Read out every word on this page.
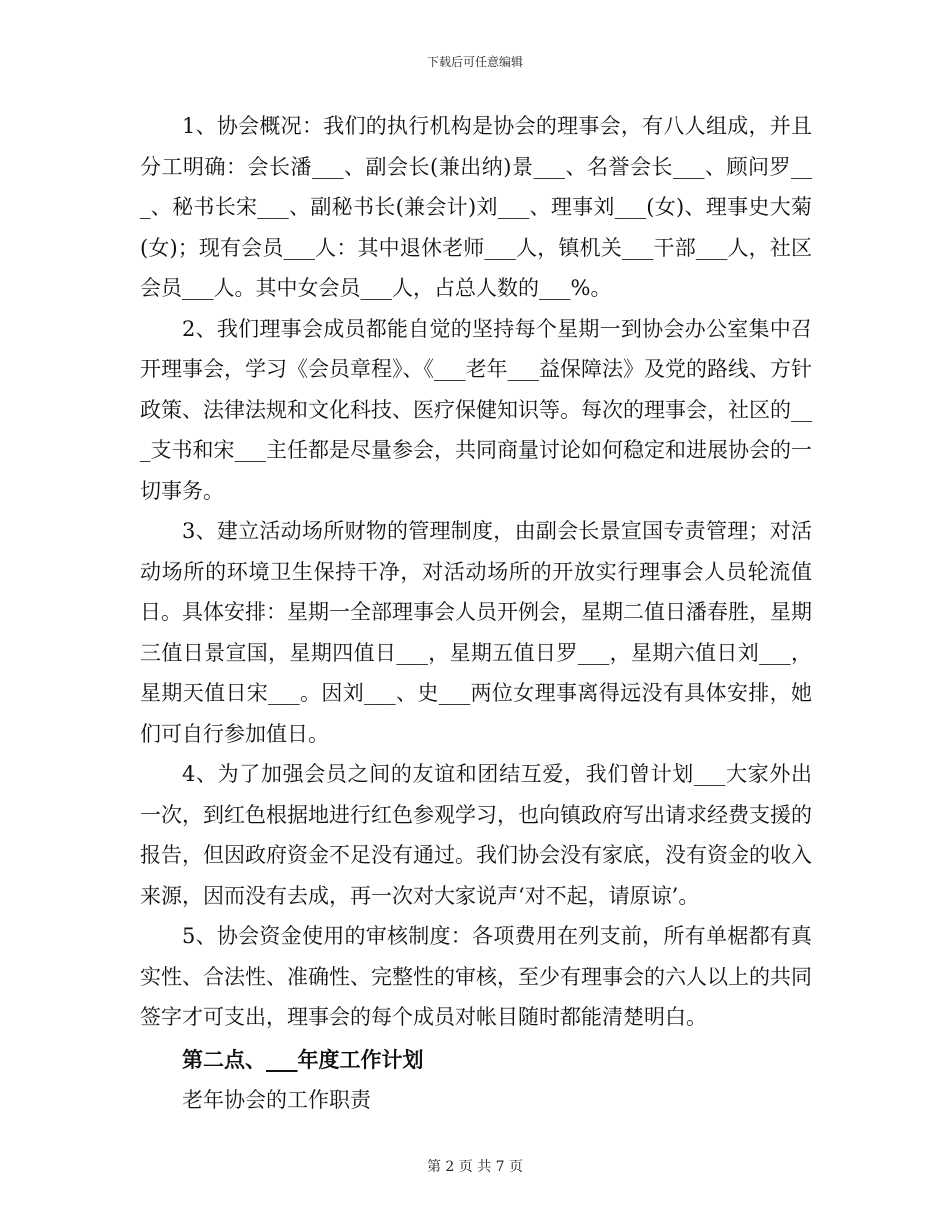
下载后可任意编辑

1、协会概况：我们的执行机构是协会的理事会，有八人组成，并且分工明确：会长潘___、副会长(兼出纳)景___、名誉会长___、顾问罗___、秘书长宋___、副秘书长(兼会计)刘___、理事刘___(女)、理事史大菊(女)；现有会员___人：其中退休老师___人，镇机关___干部___人，社区会员___人。其中女会员___人，占总人数的___%。

2、我们理事会成员都能自觉的坚持每个星期一到协会办公室集中召开理事会，学习《会员章程》、《___老年___益保障法》及党的路线、方针政策、法律法规和文化科技、医疗保健知识等。每次的理事会，社区的___支书和宋___主任都是尽量参会，共同商量讨论如何稳定和进展协会的一切事务。

3、建立活动场所财物的管理制度，由副会长景宣国专责管理；对活动场所的环境卫生保持干净，对活动场所的开放实行理事会人员轮流值日。具体安排：星期一全部理事会人员开例会，星期二值日潘春胜，星期三值日景宣国，星期四值日___，星期五值日罗___，星期六值日刘___，星期天值日宋___。因刘___、史___两位女理事离得远没有具体安排，她们可自行参加值日。

4、为了加强会员之间的友谊和团结互爱，我们曾计划___大家外出一次，到红色根据地进行红色参观学习，也向镇政府写出请求经费支援的报告，但因政府资金不足没有通过。我们协会没有家底，没有资金的收入来源，因而没有去成，再一次对大家说声‘对不起，请原谅’。

5、协会资金使用的审核制度：各项费用在列支前，所有单椐都有真实性、合法性、准确性、完整性的审核，至少有理事会的六人以上的共同签字才可支出，理事会的每个成员对帐目随时都能清楚明白。

第二点、___年度工作计划

老年协会的工作职责

第 2 页 共 7 页
